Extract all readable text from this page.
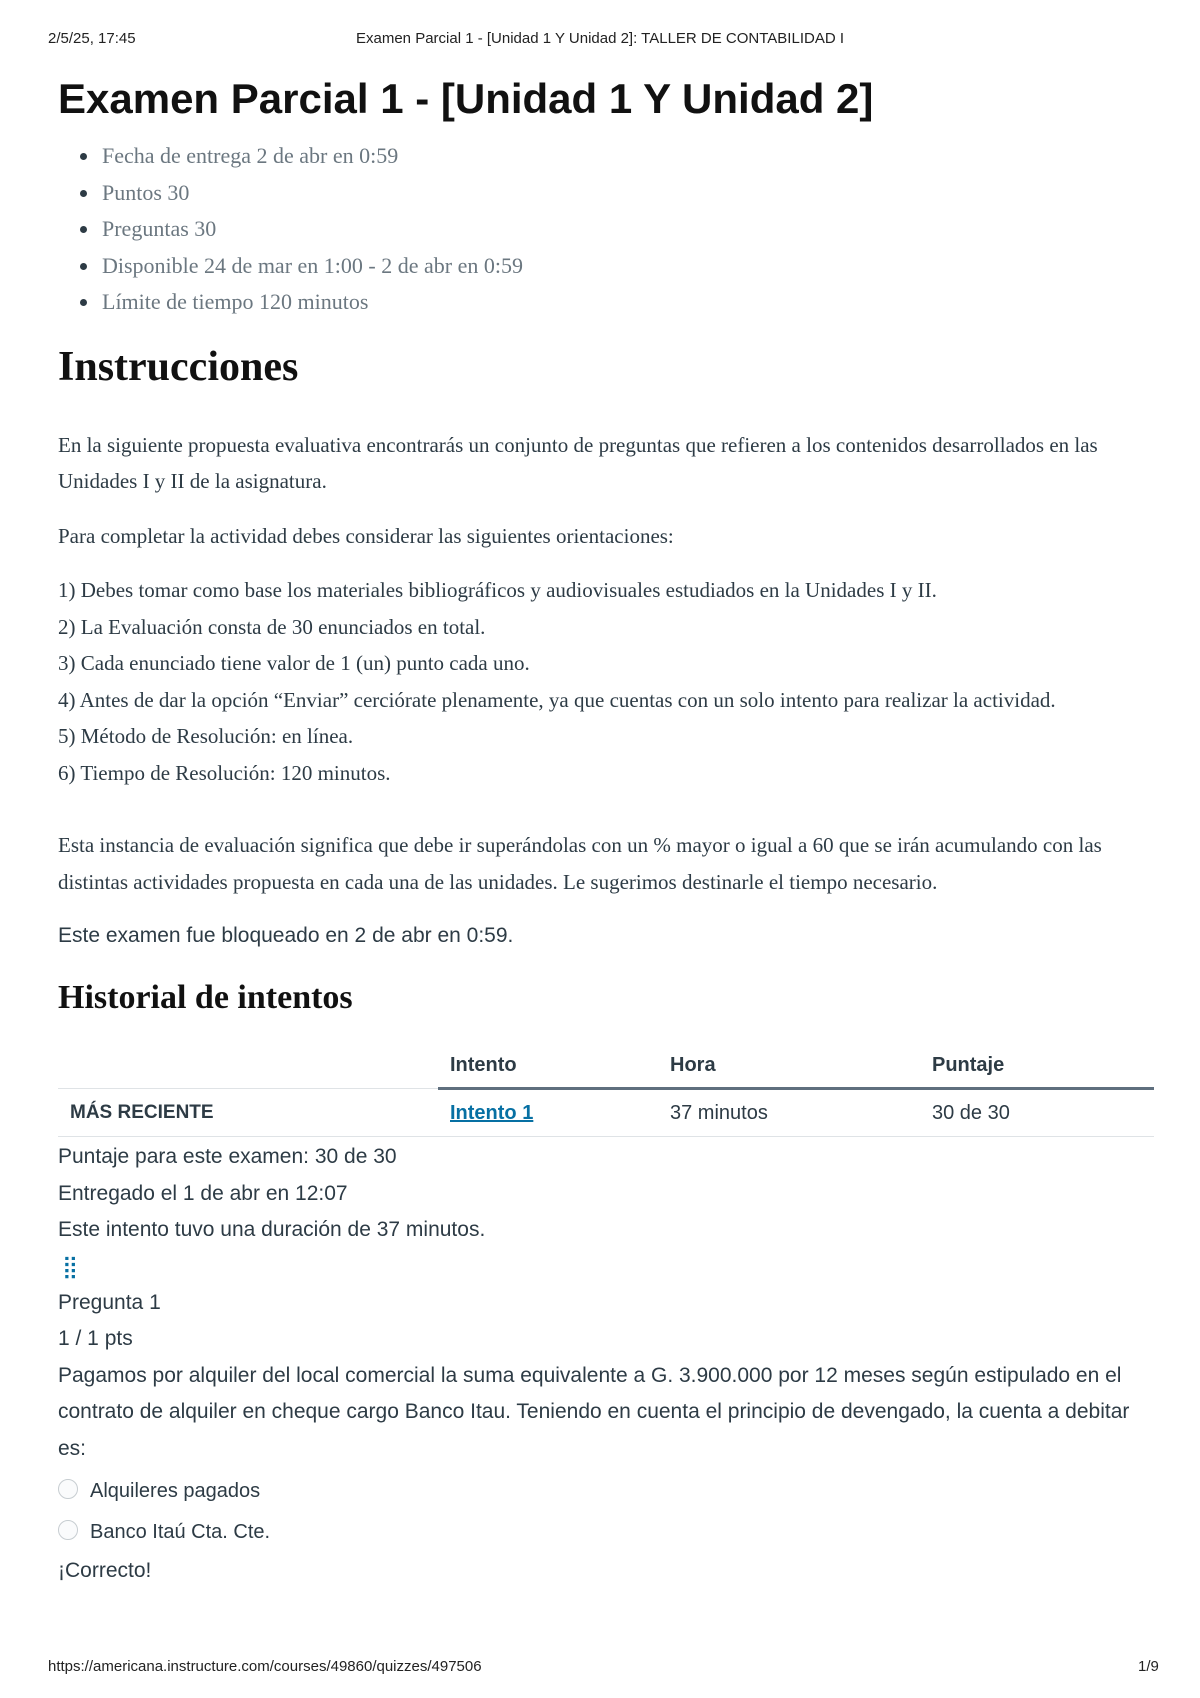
2/5/25, 17:45	Examen Parcial 1 - [Unidad 1 Y Unidad 2]: TALLER DE CONTABILIDAD I
Examen Parcial 1 - [Unidad 1 Y Unidad 2]
Fecha de entrega 2 de abr en 0:59
Puntos 30
Preguntas 30
Disponible 24 de mar en 1:00 - 2 de abr en 0:59
Límite de tiempo 120 minutos
Instrucciones

En la siguiente propuesta evaluativa encontrarás un conjunto de preguntas que refieren a los contenidos desarrollados en las Unidades I y II de la asignatura.

Para completar la actividad debes considerar las siguientes orientaciones:

1) Debes tomar como base los materiales bibliográficos y audiovisuales estudiados en la Unidades I y II.

2) La Evaluación consta de 30 enunciados en total.

3) Cada enunciado tiene valor de 1 (un) punto cada uno.

4) Antes de dar la opción “Enviar” cerciórate plenamente, ya que cuentas con un solo intento para realizar la actividad.

5) Método de Resolución: en línea.

6) Tiempo de Resolución: 120 minutos.

Esta instancia de evaluación significa que debe ir superándolas con un % mayor o igual a 60 que se irán acumulando con las distintas actividades propuesta en cada una de las unidades. Le sugerimos destinarle el tiempo necesario.

Este examen fue bloqueado en 2 de abr en 0:59.

Historial de intentos
	Intento	Hora	Puntaje
MÁS RECIENTE	Intento 1	37 minutos	30 de 30

Puntaje para este examen: 30 de 30

Entregado el 1 de abr en 12:07

Este intento tuvo una duración de 37 minutos.

⣿

Pregunta 1

1 / 1 pts

Pagamos por alquiler del local comercial la suma equivalente a G. 3.900.000 por 12 meses según estipulado en el contrato de alquiler en cheque cargo Banco Itau. Teniendo en cuenta el principio de devengado, la cuenta a debitar es:

Alquileres pagados
Banco Itaú Cta. Cte.

¡Correcto!

https://americana.instructure.com/courses/49860/quizzes/497506	1/9
